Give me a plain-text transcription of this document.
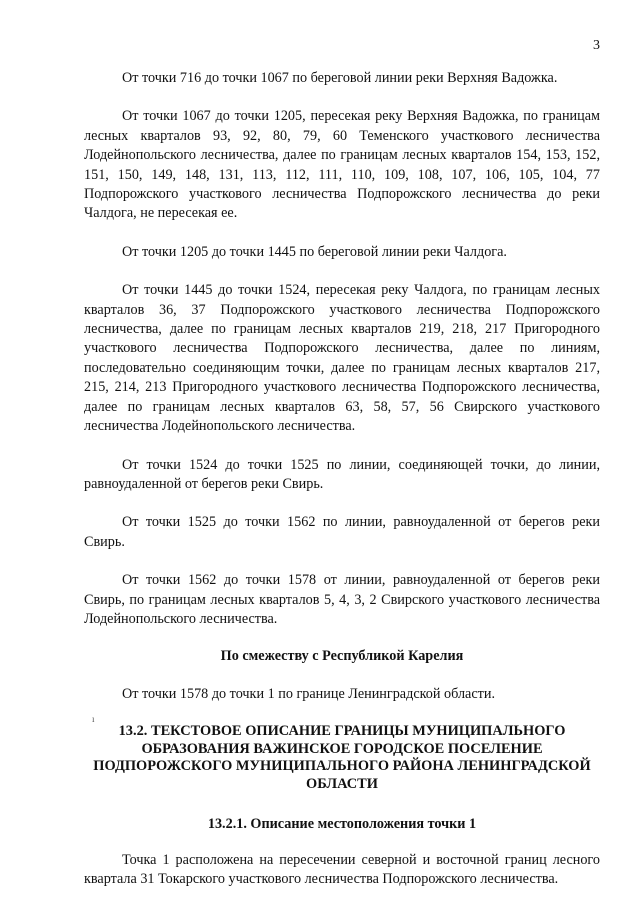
3

От точки 716 до точки 1067 по береговой линии реки Верхняя Вадожка.

От точки 1067 до точки 1205, пересекая реку Верхняя Вадожка, по границам лесных кварталов 93, 92, 80, 79, 60 Теменского участкового лесничества Лодейнопольского лесничества, далее по границам лесных кварталов 154, 153, 152, 151, 150, 149, 148, 131, 113, 112, 111, 110, 109, 108, 107, 106, 105, 104, 77 Подпорожского участкового лесничества Подпорожского лесничества до реки Чалдога, не пересекая ее.

От точки 1205 до точки 1445 по береговой линии реки Чалдога.

От точки 1445 до точки 1524, пересекая реку Чалдога, по границам лесных кварталов 36, 37 Подпорожского участкового лесничества Подпорожского лесничества, далее по границам лесных кварталов 219, 218, 217 Пригородного участкового лесничества Подпорожского лесничества, далее по линиям, последовательно соединяющим точки, далее по границам лесных кварталов 217, 215, 214, 213 Пригородного участкового лесничества Подпорожского лесничества, далее по границам лесных кварталов 63, 58, 57, 56 Свирского участкового лесничества Лодейнопольского лесничества.

От точки 1524 до точки 1525 по линии, соединяющей точки, до линии, равноудаленной от берегов реки Свирь.

От точки 1525 до точки 1562 по линии, равноудаленной от берегов реки Свирь.

От точки 1562 до точки 1578 от линии, равноудаленной от берегов реки Свирь, по границам лесных кварталов 5, 4, 3, 2 Свирского участкового лесничества Лодейнопольского лесничества.

По смежеству с Республикой Карелия

От точки 1578 до точки 1 по границе Ленинградской области.

13.2. ТЕКСТОВОЕ ОПИСАНИЕ ГРАНИЦЫ МУНИЦИПАЛЬНОГО ОБРАЗОВАНИЯ ВАЖИНСКОЕ ГОРОДСКОЕ ПОСЕЛЕНИЕ ПОДПОРОЖСКОГО МУНИЦИПАЛЬНОГО РАЙОНА ЛЕНИНГРАДСКОЙ ОБЛАСТИ

13.2.1. Описание местоположения точки 1

Точка 1 расположена на пересечении северной и восточной границ лесного квартала 31 Токарского участкового лесничества Подпорожского лесничества.

ı
